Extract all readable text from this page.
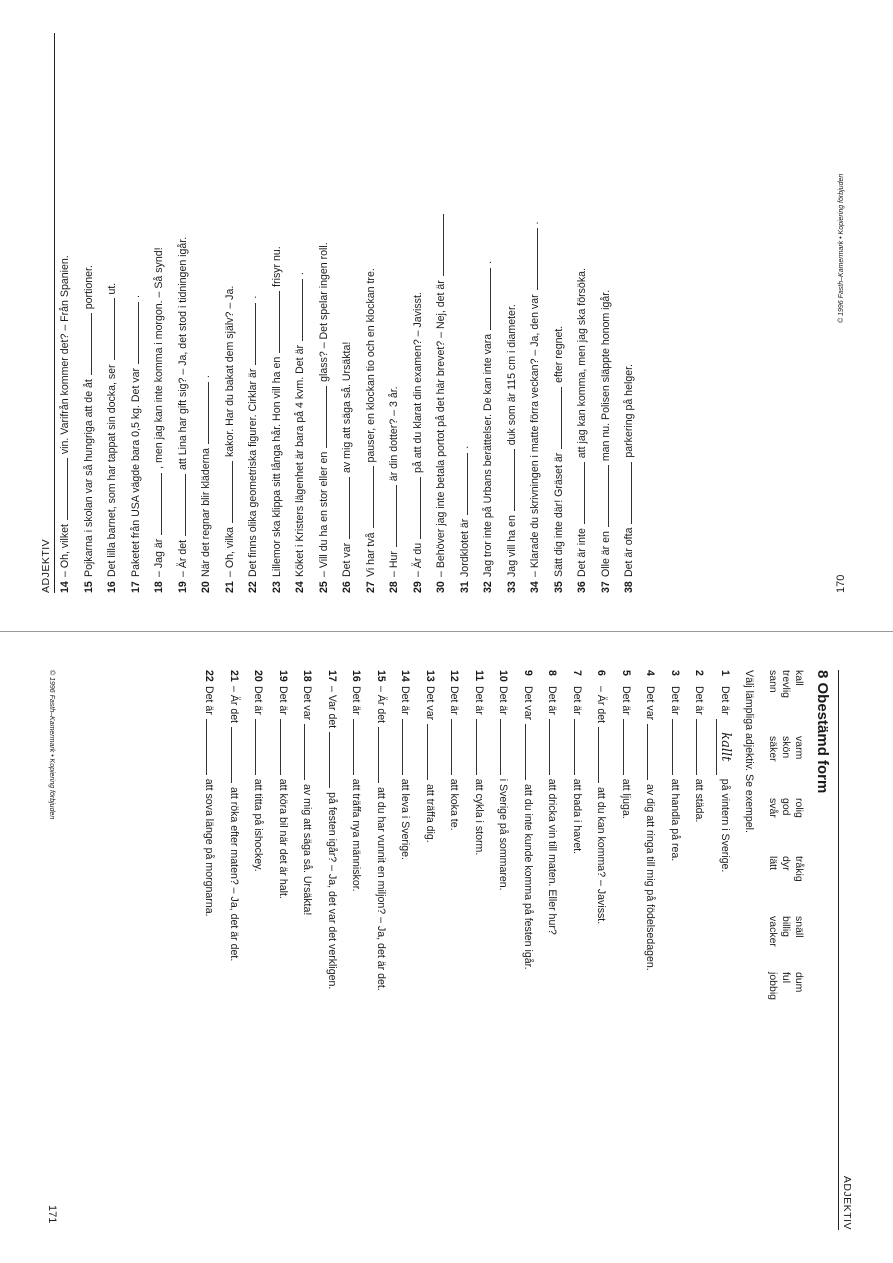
ADJEKTIV 14– Oh, vilket  vin. Varifrån kommer det? – Från Spanien.
15Pojkarna i skolan var så hungriga att de åt  portioner.
16Det lilla barnet, som har tappat sin docka, ser  ut.
17Paketet från USA vägde bara 0,5 kg. Det var  .
18– Jag är  , men jag kan inte komma i morgon. – Så synd!
19– Är det  att Lina har gift sig? – Ja, det stod i tidningen igår.
20När det regnar blir kläderna  .
21– Oh, vilka  kakor. Har du bakat dem själv? – Ja.
22Det finns olika geometriska figurer. Cirklar är  .
23Lillemor ska klippa sitt långa hår. Hon vill ha en  frisyr nu.
24Köket i Kristers lägenhet är bara på 4 kvm. Det är  .
25– Vill du ha en stor eller en  glass? – Det spelar ingen roll.
26Det var  av mig att säga så. Ursäkta!
27Vi har två  pauser, en klockan tio och en klockan tre.
28– Hur  är din dotter? – 3 år.
29– Är du  på att du klarat din examen? – Javisst.
30– Behöver jag inte betala portot på det här brevet? – Nej, det är
31Jordklotet är  .
32Jag tror inte på Urbans berättelser. De kan inte vara  .
33Jag vill ha en  duk som är 115 cm i diameter.
34– Klarade du skrivningen i matte förra veckan? – Ja, den var  .
35Sätt dig inte där! Gräset är  efter regnet.
36Det är inte  att jag kan komma, men jag ska försöka.
37Olle är en  man nu. Polisen släppte honom igår.
38Det är ofta  parkering på helger.
170
© 1996 Fasth–Kamermark • Kopiering förbjuden
ADJEKTIV
8 Obestämd form
kall
varm
rolig
tråkig
snäll
dum
trevlig
skön
god
dyr
billig
ful
sann
säker
svår
lätt
vacker
jobbig
Välj lämpliga adjektiv. Se exempel.
1Det är kallt på vintern i Sverige.
2Det är  att städa.
3Det är  att handla på rea.
4Det var  av dig att ringa till mig på födelsedagen.
5Det är  att ljuga.
6– Är det  att du kan komma? – Javisst.
7Det är  att bada i havet.
8Det är  att dricka vin till maten. Eller hur?
9Det var  att du inte kunde komma på festen igår.
10Det är  i Sverige på sommaren.
11Det är  att cykla i storm.
12Det är  att koka te.
13Det var  att träffa dig.
14Det är  att leva i Sverige.
15– Är det  att du har vunnit en miljon? – Ja, det är det.
16Det är  att träffa nya människor.
17– Var det  på festen igår? – Ja, det var det verkligen.
18Det var  av mig att säga så. Ursäkta!
19Det är  att köra bil när det är halt.
20Det är  att titta på ishockey.
21– Är det  att röka efter maten? – Ja, det är det.
22Det är  att sova länge på morgnarna.
© 1996 Fasth–Kamermark • Kopiering förbjuden
171
